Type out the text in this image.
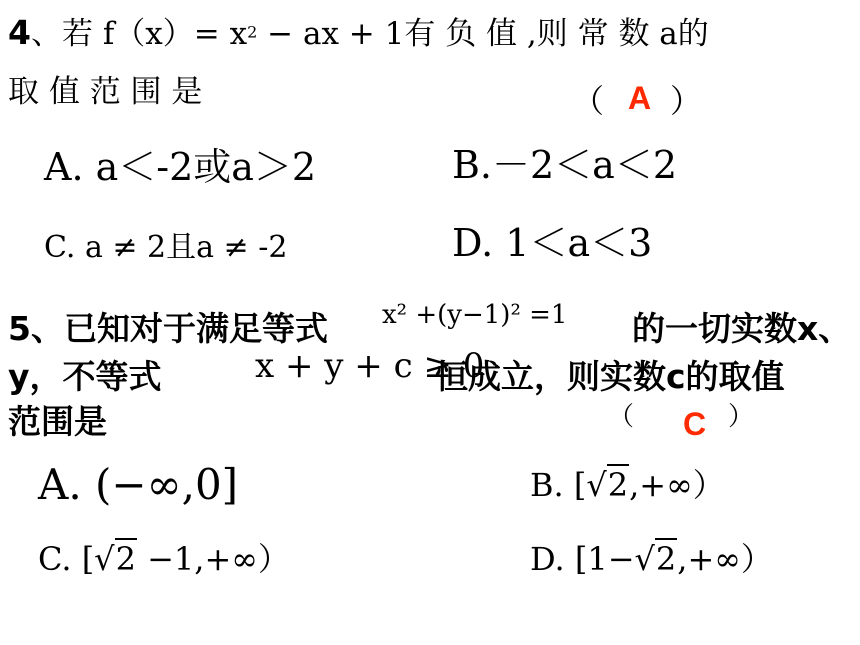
4、若 f（x）= x2 − ax + 1有 负 值 ,则 常 数 a的
取 值 范 围 是	（ A ）
A. a＜-2或a＞2	B.－2＜a＜2
C. a ≠ 2且a ≠ -2	D. 1＜a＜3
5、已知对于满足等式 x² +(y−1)² =1 的一切实数x、
y，不等式	x + y + c ≥ 0
恒成立，则实数c的取值
范围是	（ C ）
A. (−∞,0]	B. [√2,+∞）
C. [√2 −1,+∞）	D. [1−√2,+∞）
